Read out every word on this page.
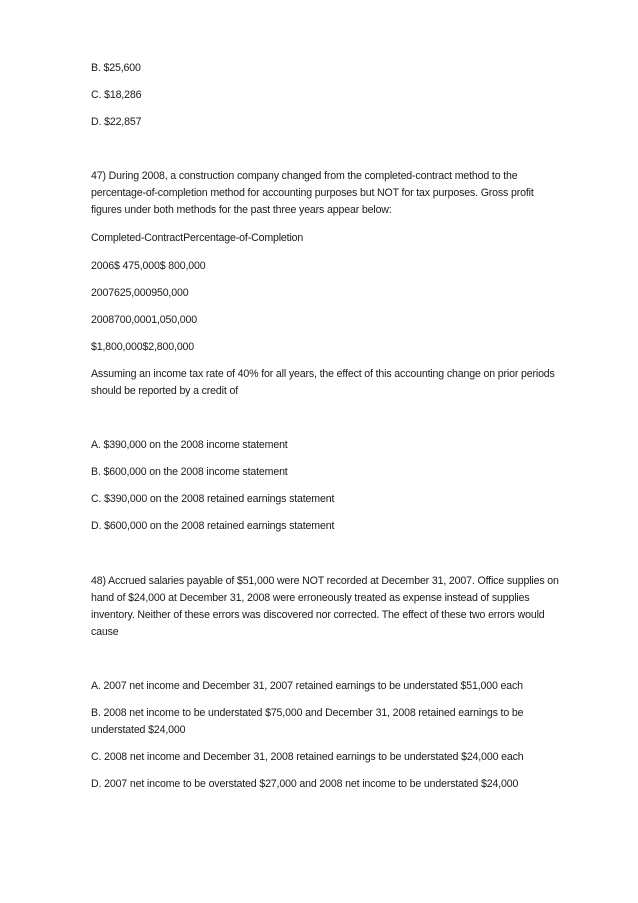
B. $25,600
C. $18,286
D. $22,857
47) During 2008, a construction company changed from the completed-contract method to the
percentage-of-completion method for accounting purposes but NOT for tax purposes. Gross profit
figures under both methods for the past three years appear below:
Completed-ContractPercentage-of-Completion
2006$ 475,000$ 800,000
2007625,000950,000
2008700,0001,050,000
$1,800,000$2,800,000
Assuming an income tax rate of 40% for all years, the effect of this accounting change on prior periods
should be reported by a credit of
A. $390,000 on the 2008 income statement
B. $600,000 on the 2008 income statement
C. $390,000 on the 2008 retained earnings statement
D. $600,000 on the 2008 retained earnings statement
48) Accrued salaries payable of $51,000 were NOT recorded at December 31, 2007. Office supplies on
hand of $24,000 at December 31, 2008 were erroneously treated as expense instead of supplies
inventory. Neither of these errors was discovered nor corrected. The effect of these two errors would
cause
A. 2007 net income and December 31, 2007 retained earnings to be understated $51,000 each
B. 2008 net income to be understated $75,000 and December 31, 2008 retained earnings to be
understated $24,000
C. 2008 net income and December 31, 2008 retained earnings to be understated $24,000 each
D. 2007 net income to be overstated $27,000 and 2008 net income to be understated $24,000
